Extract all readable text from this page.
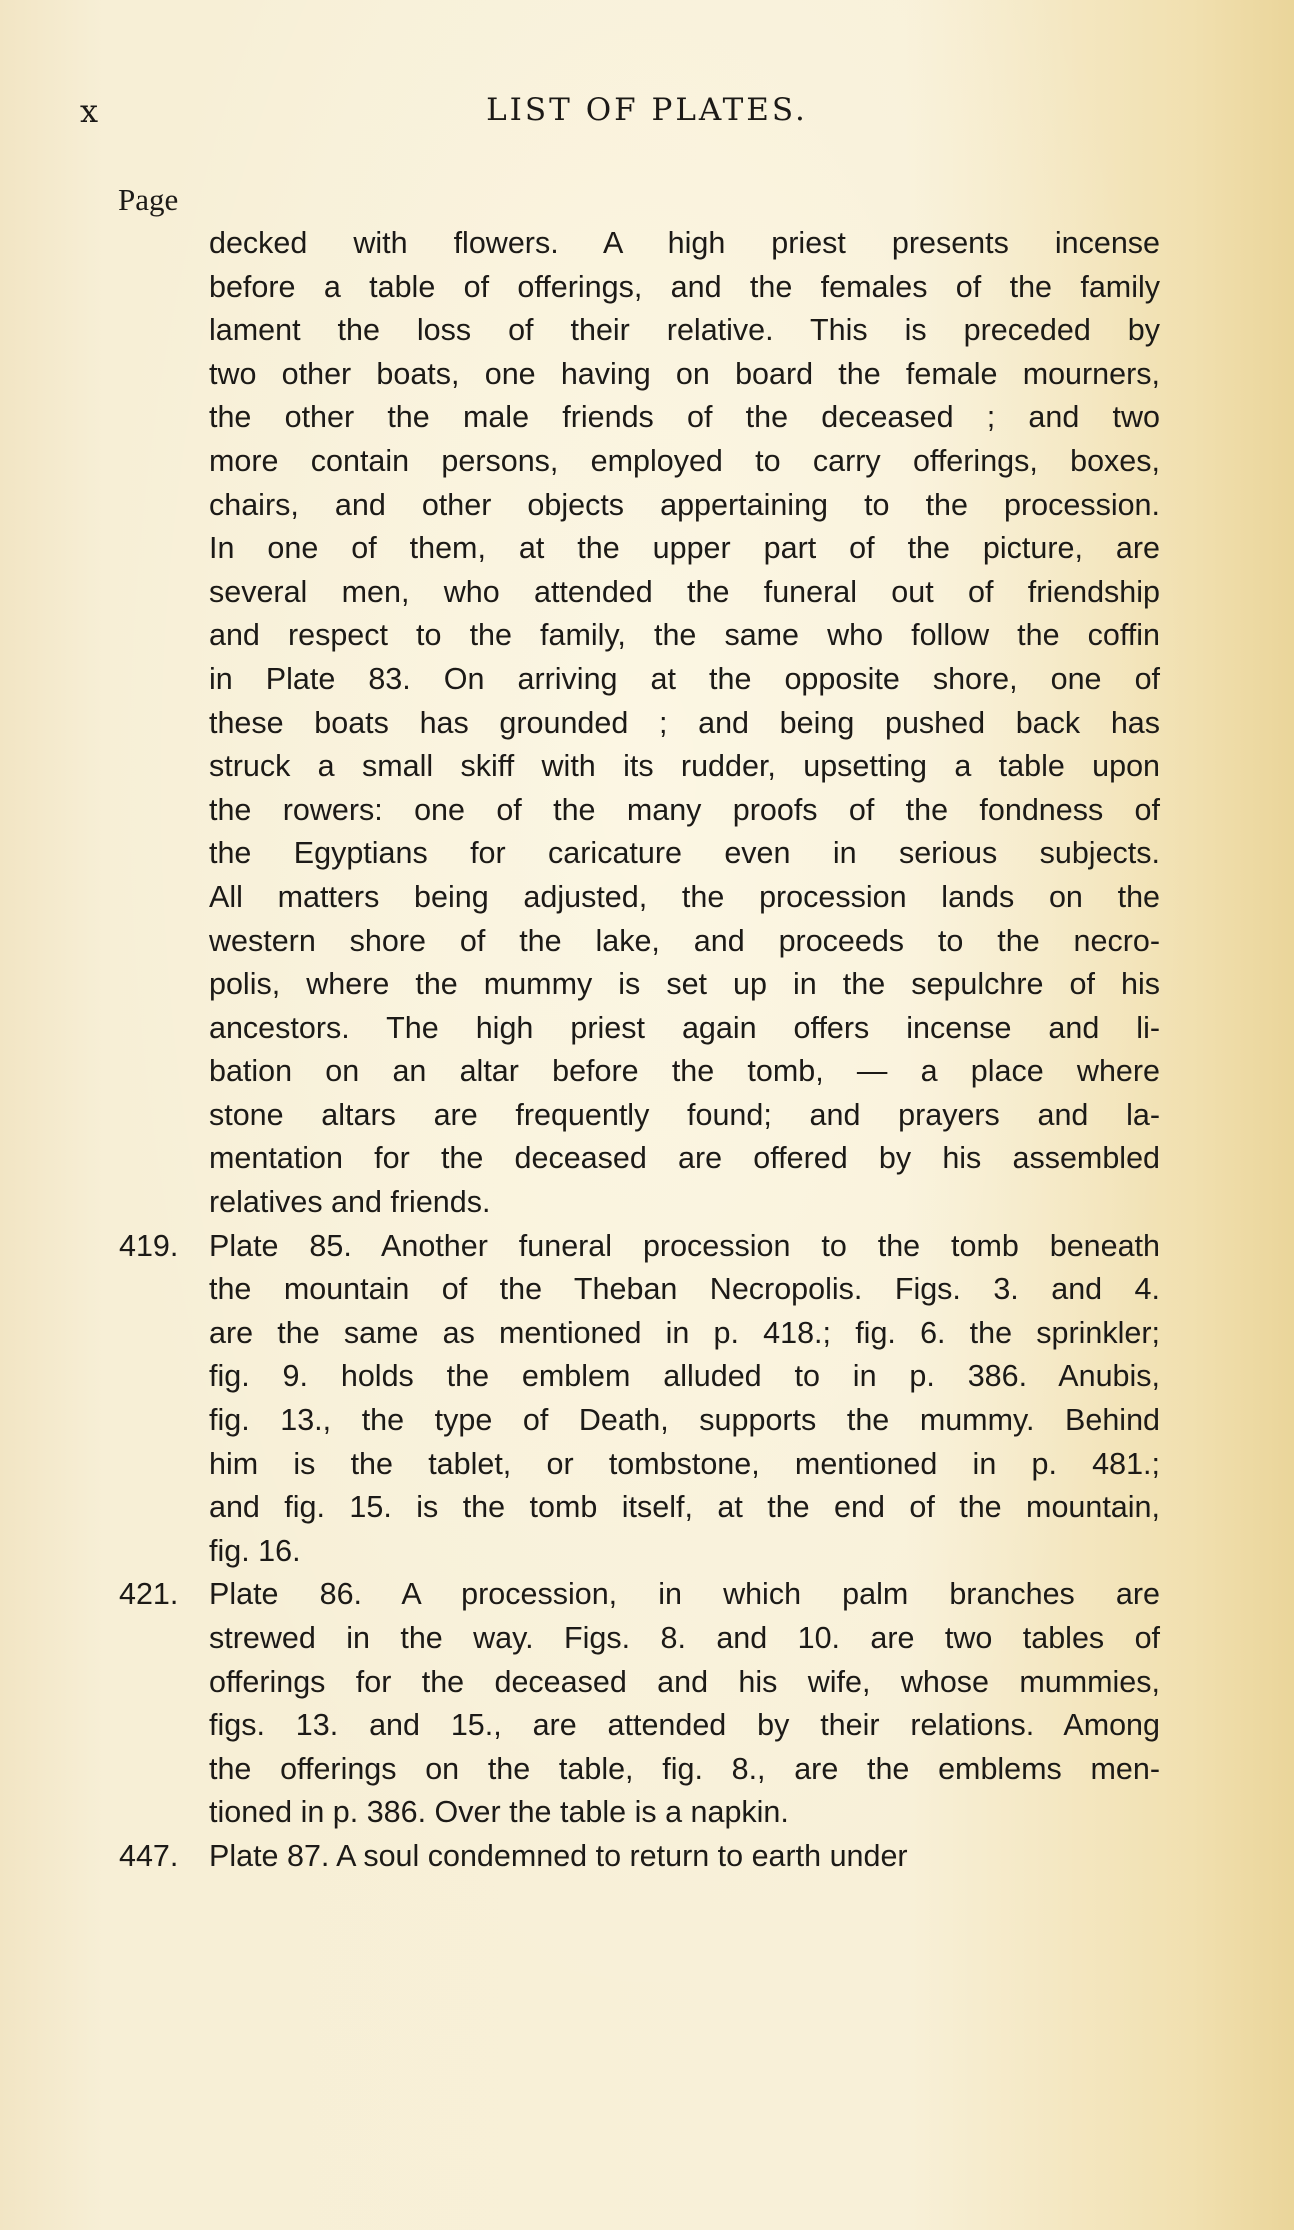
x	LIST OF PLATES.
Page
decked with flowers. A high priest presents incense
before a table of offerings, and the females of the family
lament the loss of their relative. This is preceded by
two other boats, one having on board the female mourners,
the other the male friends of the deceased ; and two
more contain persons, employed to carry offerings, boxes,
chairs, and other objects appertaining to the procession.
In one of them, at the upper part of the picture, are
several men, who attended the funeral out of friendship
and respect to the family, the same who follow the coffin
in Plate 83. On arriving at the opposite shore, one of
these boats has grounded ; and being pushed back has
struck a small skiff with its rudder, upsetting a table upon
the rowers: one of the many proofs of the fondness of
the Egyptians for caricature even in serious subjects.
All matters being adjusted, the procession lands on the
western shore of the lake, and proceeds to the necro-
polis, where the mummy is set up in the sepulchre of his
ancestors. The high priest again offers incense and li-
bation on an altar before the tomb, — a place where
stone altars are frequently found; and prayers and la-
mentation for the deceased are offered by his assembled
relatives and friends.
419.	Plate 85. Another funeral procession to the tomb beneath
the mountain of the Theban Necropolis. Figs. 3. and 4.
are the same as mentioned in p. 418.; fig. 6. the sprinkler;
fig. 9. holds the emblem alluded to in p. 386. Anubis,
fig. 13., the type of Death, supports the mummy. Behind
him is the tablet, or tombstone, mentioned in p. 481.;
and fig. 15. is the tomb itself, at the end of the mountain,
fig. 16.
421.	Plate 86. A procession, in which palm branches are
strewed in the way. Figs. 8. and 10. are two tables of
offerings for the deceased and his wife, whose mummies,
figs. 13. and 15., are attended by their relations. Among
the offerings on the table, fig. 8., are the emblems men-
tioned in p. 386. Over the table is a napkin.
447.	Plate 87. A soul condemned to return to earth under
